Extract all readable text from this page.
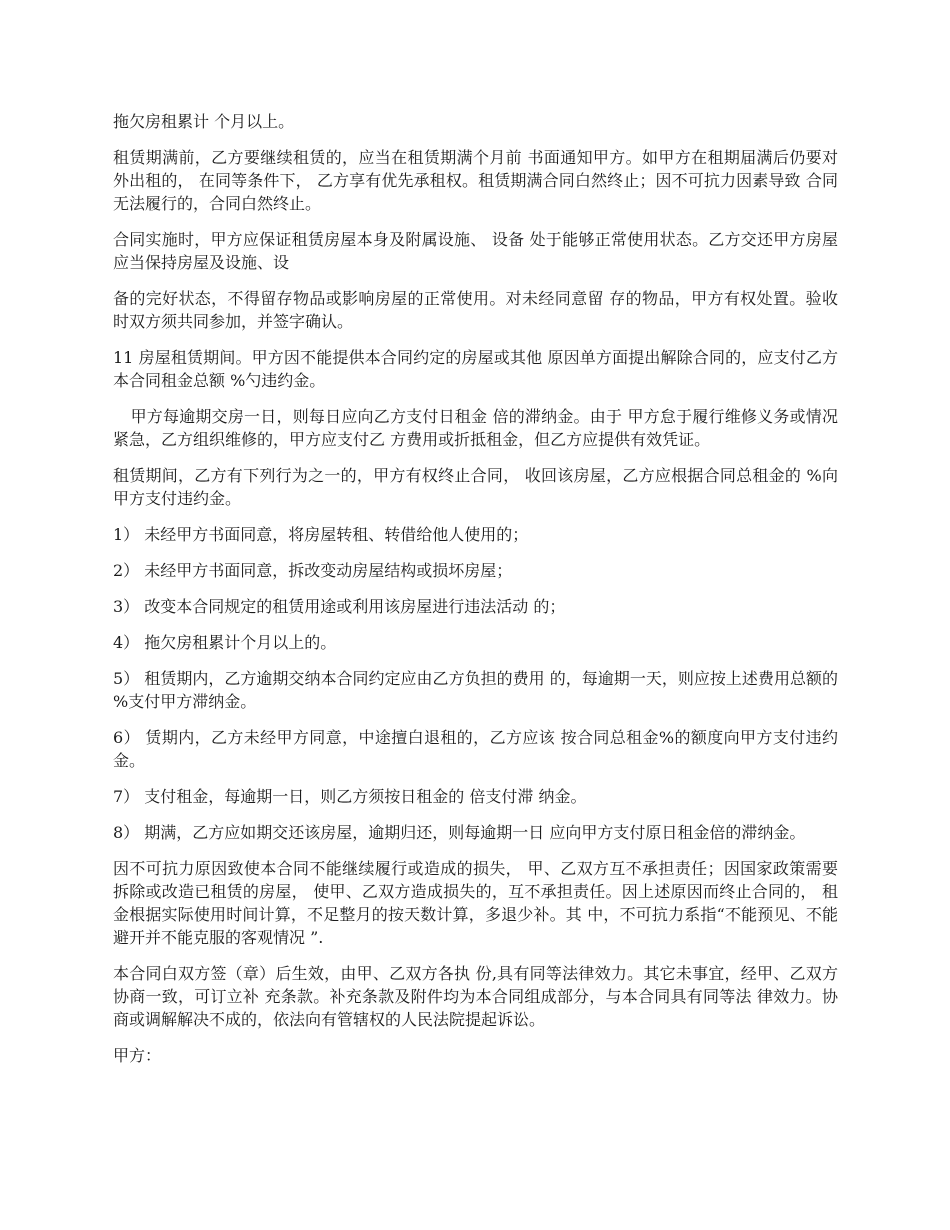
拖欠房租累计 个月以上。

租赁期满前，乙方要继续租赁的，应当在租赁期满个月前 书面通知甲方。如甲方在租期届满后仍要对外出租的， 在同等条件下， 乙方享有优先承租权。租赁期满合同白然终止；因不可抗力因素导致 合同无法履行的，合同白然终止。

合同实施时，甲方应保证租赁房屋本身及附属设施、 设备 处于能够正常使用状态。乙方交还甲方房屋应当保持房屋及设施、设

备的完好状态，不得留存物品或影响房屋的正常使用。对未经同意留 存的物品，甲方有权处置。验收时双方须共同参加，并签字确认。

11 房屋租赁期间。甲方因不能提供本合同约定的房屋或其他 原因单方面提出解除合同的，应支付乙方本合同租金总额 %勺违约金。

甲方每逾期交房一日，则每日应向乙方支付日租金 倍的滞纳金。由于 甲方怠于履行维修义务或情况紧急，乙方组织维修的，甲方应支付乙 方费用或折抵租金，但乙方应提供有效凭证。

租赁期间，乙方有下列行为之一的，甲方有权终止合同， 收回该房屋，乙方应根据合同总租金的 %向甲方支付违约金。

1） 未经甲方书面同意，将房屋转租、转借给他人使用的；

2） 未经甲方书面同意，拆改变动房屋结构或损坏房屋；

3） 改变本合同规定的租赁用途或利用该房屋进行违法活动 的；

4） 拖欠房租累计个月以上的。

5） 租赁期内，乙方逾期交纳本合同约定应由乙方负担的费用 的，每逾期一天，则应按上述费用总额的 %支付甲方滞纳金。

6） 赁期内，乙方未经甲方同意，中途擅白退租的，乙方应该 按合同总租金%的额度向甲方支付违约金。

7） 支付租金，每逾期一日，则乙方须按日租金的 倍支付滞 纳金。

8） 期满，乙方应如期交还该房屋，逾期归还，则每逾期一日 应向甲方支付原日租金倍的滞纳金。

因不可抗力原因致使本合同不能继续履行或造成的损失， 甲、乙双方互不承担责任；因国家政策需要拆除或改造已租赁的房屋， 使甲、乙双方造成损失的，互不承担责任。因上述原因而终止合同的， 租金根据实际使用时间计算，不足整月的按天数计算，多退少补。其 中，不可抗力系指“不能预见、不能避开并不能克服的客观情况 ”.

本合同白双方签（章）后生效，由甲、乙双方各执 份,具有同等法律效力。其它未事宜，经甲、乙双方协商一致，可订立补 充条款。补充条款及附件均为本合同组成部分，与本合同具有同等法 律效力。协商或调解解决不成的，依法向有管辖权的人民法院提起诉讼。

甲方：
